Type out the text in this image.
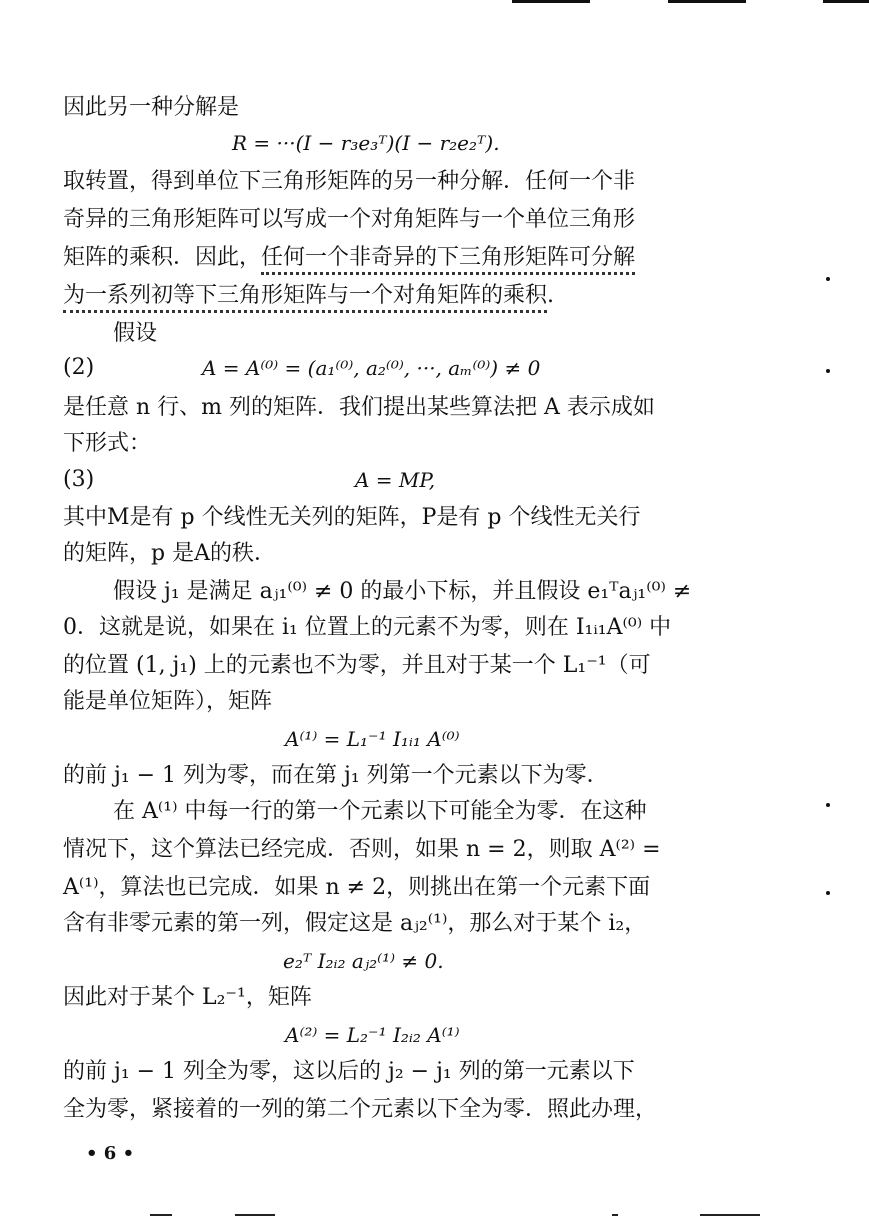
因此另一种分解是
R = ···(I − r₃e₃ᵀ)(I − r₂e₂ᵀ).
取转置，得到单位下三角形矩阵的另一种分解．任何一个非
奇异的三角形矩阵可以写成一个对角矩阵与一个单位三角形
矩阵的乘积．因此，任何一个非奇异的下三角形矩阵可分解
为一系列初等下三角形矩阵与一个对角矩阵的乘积.
假设
(2)	A = A⁽⁰⁾ = (a₁⁽⁰⁾, a₂⁽⁰⁾, ···, aₘ⁽⁰⁾) ≠ 0
是任意 n 行、m 列的矩阵．我们提出某些算法把 A 表示成如
下形式：
(3)	A = MP,
其中M是有 p 个线性无关列的矩阵，P是有 p 个线性无关行
的矩阵，p 是A的秩．
假设 j₁ 是满足 aⱼ₁⁽⁰⁾ ≠ 0 的最小下标，并且假设 e₁ᵀaⱼ₁⁽⁰⁾ ≠
0．这就是说，如果在 i₁ 位置上的元素不为零，则在 I₁ᵢ₁A⁽⁰⁾ 中
的位置 (1, j₁) 上的元素也不为零，并且对于某一个 L₁⁻¹（可
能是单位矩阵），矩阵
A⁽¹⁾ = L₁⁻¹ I₁ᵢ₁ A⁽⁰⁾
的前 j₁ − 1 列为零，而在第 j₁ 列第一个元素以下为零．
在 A⁽¹⁾ 中每一行的第一个元素以下可能全为零．在这种
情况下，这个算法已经完成．否则，如果 n = 2，则取 A⁽²⁾ =
A⁽¹⁾，算法也已完成．如果 n ≠ 2，则挑出在第一个元素下面
含有非零元素的第一列，假定这是 aⱼ₂⁽¹⁾，那么对于某个 i₂，
e₂ᵀ I₂ᵢ₂ aⱼ₂⁽¹⁾ ≠ 0.
因此对于某个 L₂⁻¹，矩阵
A⁽²⁾ = L₂⁻¹ I₂ᵢ₂ A⁽¹⁾
的前 j₁ − 1 列全为零，这以后的 j₂ − j₁ 列的第一元素以下
全为零，紧接着的一列的第二个元素以下全为零．照此办理，
• 6 •
